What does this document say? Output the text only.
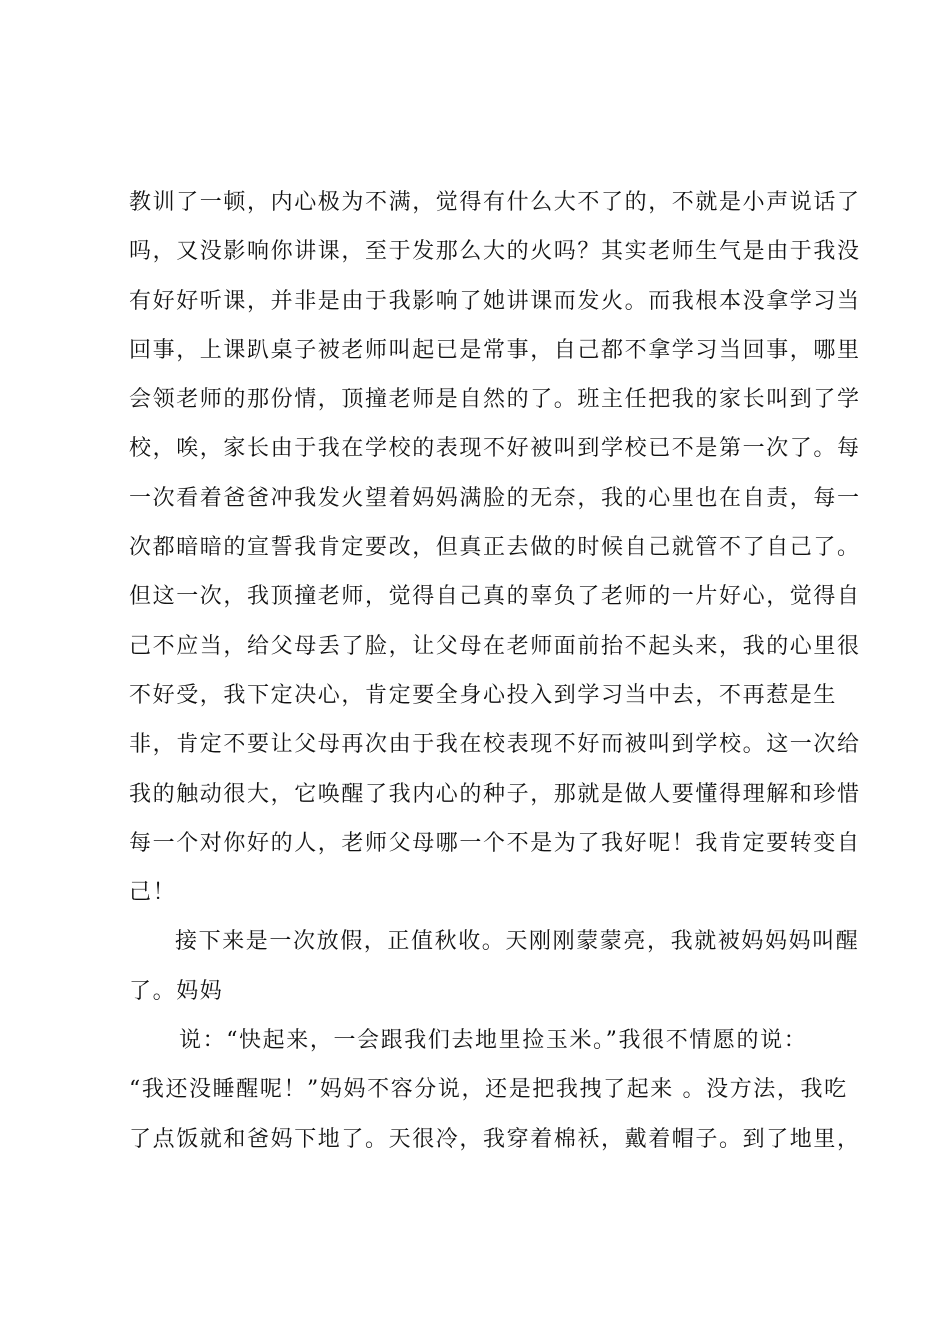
教训了一顿，内心极为不满，觉得有什么大不了的，不就是小声说话了
吗，又没影响你讲课，至于发那么大的火吗？其实老师生气是由于我没
有好好听课，并非是由于我影响了她讲课而发火。而我根本没拿学习当
回事，上课趴桌子被老师叫起已是常事，自己都不拿学习当回事，哪里
会领老师的那份情，顶撞老师是自然的了。班主任把我的家长叫到了学
校，唉，家长由于我在学校的表现不好被叫到学校已不是第一次了。每
一次看着爸爸冲我发火望着妈妈满脸的无奈，我的心里也在自责，每一
次都暗暗的宣誓我肯定要改，但真正去做的时候自己就管不了自己了。
但这一次，我顶撞老师，觉得自己真的辜负了老师的一片好心，觉得自
己不应当，给父母丢了脸，让父母在老师面前抬不起头来，我的心里很
不好受，我下定决心，肯定要全身心投入到学习当中去，不再惹是生
非，肯定不要让父母再次由于我在校表现不好而被叫到学校。这一次给
我的触动很大，它唤醒了我内心的种子，那就是做人要懂得理解和珍惜
每一个对你好的人，老师父母哪一个不是为了我好呢！我肯定要转变自
己！
接下来是一次放假，正值秋收。天刚刚蒙蒙亮，我就被妈妈妈叫醒
了。妈妈
说：“快起来，一会跟我们去地里捡玉米。”我很不情愿的说：
“我还没睡醒呢！”妈妈不容分说，还是把我拽了起来 。没方法，我吃
了点饭就和爸妈下地了。天很冷，我穿着棉袄，戴着帽子。到了地里，
